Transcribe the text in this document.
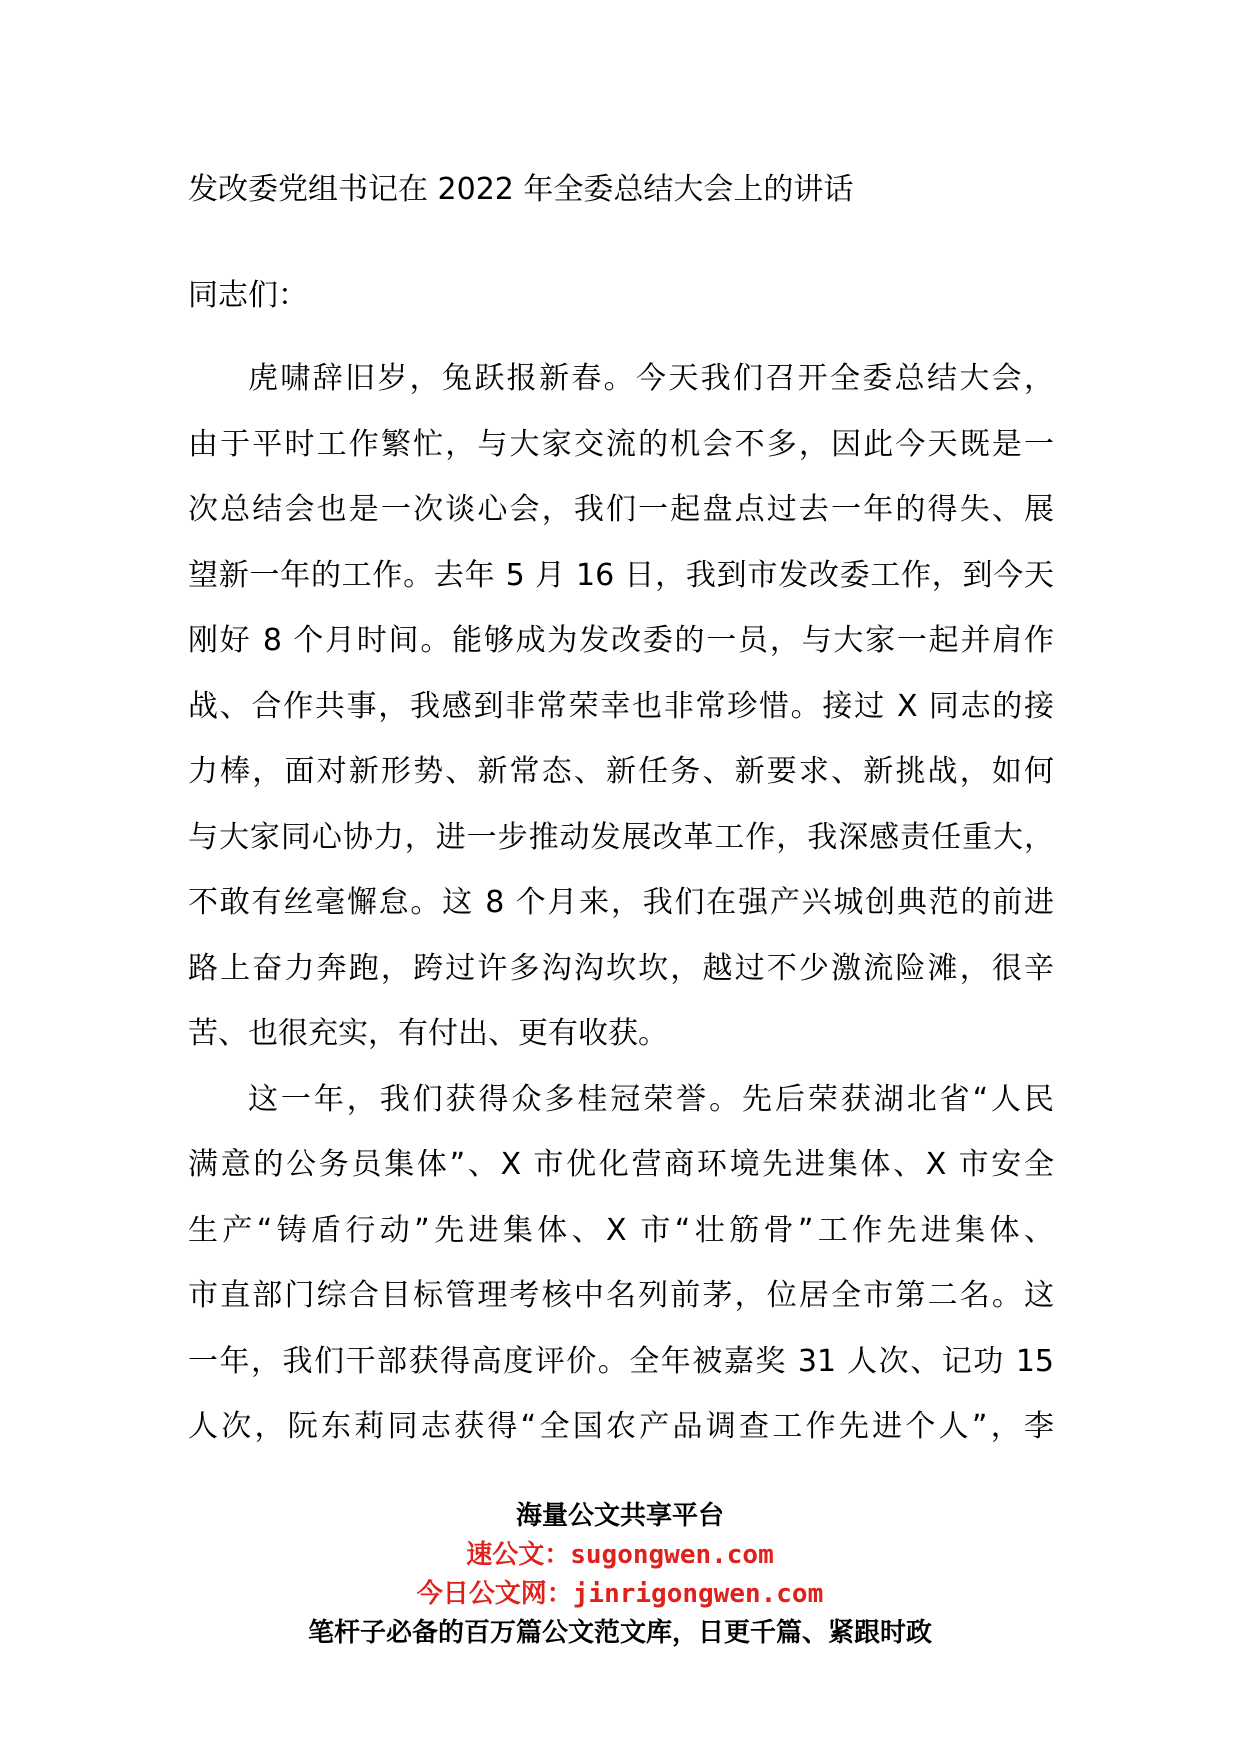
发改委党组书记在 2022 年全委总结大会上的讲话
同志们：
虎啸辞旧岁，兔跃报新春。今天我们召开全委总结大会，
由于平时工作繁忙，与大家交流的机会不多，因此今天既是一
次总结会也是一次谈心会，我们一起盘点过去一年的得失、展
望新一年的工作。去年 5 月 16 日，我到市发改委工作，到今天
刚好 8 个月时间。能够成为发改委的一员，与大家一起并肩作
战、合作共事，我感到非常荣幸也非常珍惜。接过 X 同志的接
力棒，面对新形势、新常态、新任务、新要求、新挑战，如何
与大家同心协力，进一步推动发展改革工作，我深感责任重大，
不敢有丝毫懈怠。这 8 个月来，我们在强产兴城创典范的前进
路上奋力奔跑，跨过许多沟沟坎坎，越过不少激流险滩，很辛
苦、也很充实，有付出、更有收获。
这一年，我们获得众多桂冠荣誉。先后荣获湖北省“人民
满意的公务员集体”、X 市优化营商环境先进集体、X 市安全
生产“铸盾行动”先进集体、X 市“壮筋骨”工作先进集体、
市直部门综合目标管理考核中名列前茅，位居全市第二名。这
一年，我们干部获得高度评价。全年被嘉奖 31 人次、记功 15
人次，阮东莉同志获得“全国农产品调查工作先进个人”，李
海量公文共享平台
速公文：sugongwen.com
今日公文网：jinrigongwen.com
笔杆子必备的百万篇公文范文库，日更千篇、紧跟时政
